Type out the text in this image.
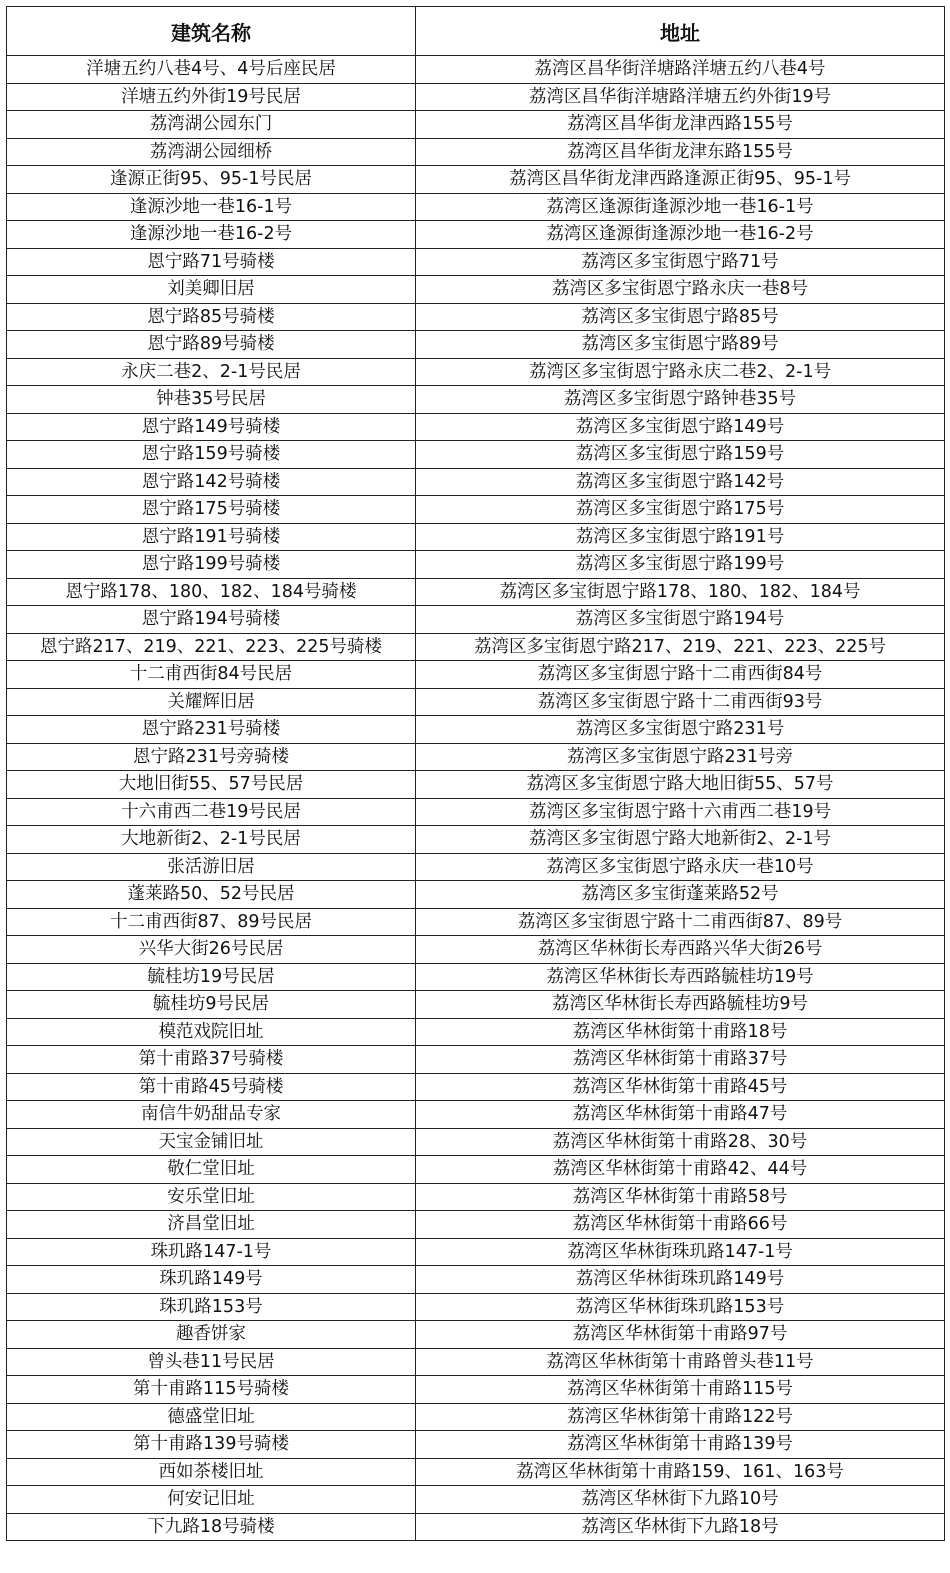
建筑名称	地址
洋塘五约八巷4号、4号后座民居	荔湾区昌华街洋塘路洋塘五约八巷4号
洋塘五约外街19号民居	荔湾区昌华街洋塘路洋塘五约外街19号
荔湾湖公园东门	荔湾区昌华街龙津西路155号
荔湾湖公园细桥	荔湾区昌华街龙津东路155号
逢源正街95、95-1号民居	荔湾区昌华街龙津西路逢源正街95、95-1号
逢源沙地一巷16-1号	荔湾区逢源街逢源沙地一巷16-1号
逢源沙地一巷16-2号	荔湾区逢源街逢源沙地一巷16-2号
恩宁路71号骑楼	荔湾区多宝街恩宁路71号
刘美卿旧居	荔湾区多宝街恩宁路永庆一巷8号
恩宁路85号骑楼	荔湾区多宝街恩宁路85号
恩宁路89号骑楼	荔湾区多宝街恩宁路89号
永庆二巷2、2-1号民居	荔湾区多宝街恩宁路永庆二巷2、2-1号
钟巷35号民居	荔湾区多宝街恩宁路钟巷35号
恩宁路149号骑楼	荔湾区多宝街恩宁路149号
恩宁路159号骑楼	荔湾区多宝街恩宁路159号
恩宁路142号骑楼	荔湾区多宝街恩宁路142号
恩宁路175号骑楼	荔湾区多宝街恩宁路175号
恩宁路191号骑楼	荔湾区多宝街恩宁路191号
恩宁路199号骑楼	荔湾区多宝街恩宁路199号
恩宁路178、180、182、184号骑楼	荔湾区多宝街恩宁路178、180、182、184号
恩宁路194号骑楼	荔湾区多宝街恩宁路194号
恩宁路217、219、221、223、225号骑楼	荔湾区多宝街恩宁路217、219、221、223、225号
十二甫西街84号民居	荔湾区多宝街恩宁路十二甫西街84号
关耀辉旧居	荔湾区多宝街恩宁路十二甫西街93号
恩宁路231号骑楼	荔湾区多宝街恩宁路231号
恩宁路231号旁骑楼	荔湾区多宝街恩宁路231号旁
大地旧街55、57号民居	荔湾区多宝街恩宁路大地旧街55、57号
十六甫西二巷19号民居	荔湾区多宝街恩宁路十六甫西二巷19号
大地新街2、2-1号民居	荔湾区多宝街恩宁路大地新街2、2-1号
张活游旧居	荔湾区多宝街恩宁路永庆一巷10号
蓬莱路50、52号民居	荔湾区多宝街蓬莱路52号
十二甫西街87、89号民居	荔湾区多宝街恩宁路十二甫西街87、89号
兴华大街26号民居	荔湾区华林街长寿西路兴华大街26号
毓桂坊19号民居	荔湾区华林街长寿西路毓桂坊19号
毓桂坊9号民居	荔湾区华林街长寿西路毓桂坊9号
模范戏院旧址	荔湾区华林街第十甫路18号
第十甫路37号骑楼	荔湾区华林街第十甫路37号
第十甫路45号骑楼	荔湾区华林街第十甫路45号
南信牛奶甜品专家	荔湾区华林街第十甫路47号
天宝金铺旧址	荔湾区华林街第十甫路28、30号
敬仁堂旧址	荔湾区华林街第十甫路42、44号
安乐堂旧址	荔湾区华林街第十甫路58号
济昌堂旧址	荔湾区华林街第十甫路66号
珠玑路147-1号	荔湾区华林街珠玑路147-1号
珠玑路149号	荔湾区华林街珠玑路149号
珠玑路153号	荔湾区华林街珠玑路153号
趣香饼家	荔湾区华林街第十甫路97号
曾头巷11号民居	荔湾区华林街第十甫路曾头巷11号
第十甫路115号骑楼	荔湾区华林街第十甫路115号
德盛堂旧址	荔湾区华林街第十甫路122号
第十甫路139号骑楼	荔湾区华林街第十甫路139号
西如茶楼旧址	荔湾区华林街第十甫路159、161、163号
何安记旧址	荔湾区华林街下九路10号
下九路18号骑楼	荔湾区华林街下九路18号
